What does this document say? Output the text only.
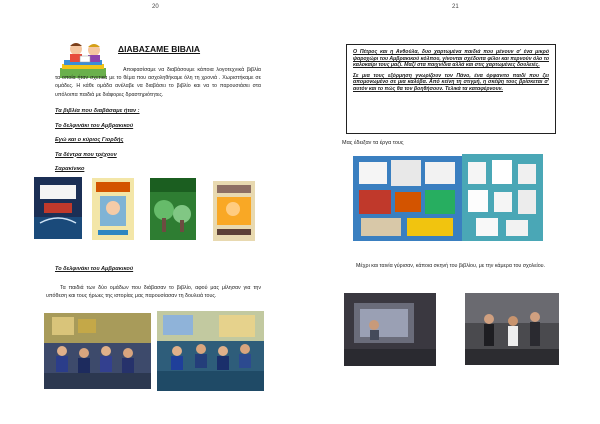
20
ΔΙΑΒΑΣΑΜΕ ΒΙΒΛΙΑ
Αποφασίσαμε να διαβάσουμε κάποια λογοτεχνικά βιβλία τα οποία ήταν σχετικά με το θέμα που ασχοληθήκαμε όλη τη χρονιά . Χωριστήκαμε σε ομάδες. Η κάθε ομάδα ανέλαβε να διαβάσει το βιβλίο και να το παρουσιάσει στα υπόλοιπα παιδιά με διάφορες δραστηριότητες.
Τα βιβλία που διαβάσαμε ήταν :
Το δελφινάκι του Αμβρακικού
Εγώ και ο κύριος Γιορδής
Τα δέντρα που τρέχουν
Σαρακίνικο
Το δελφινάκι του Αμβρακικού
Τα παιδιά των δύο ομάδων που διάβασαν το βιβλίο, αφού μας μίλησαν για την υπόθεση και τους ήρωες της ιστορίας μας παρουσίασαν τη δουλειά τους.
21

Ο Πέτρος και η Ανθούλα, δυο χαρτωμένα παιδιά που μένουν σ' ένα μικρό ψαροχώρι του Αμβρακικού κόλπου, γίνονται σχέδοιτα φίλοι και περνούν όλο το καλοκαίρι τους μαζί. Μαζί στα παιχνίδια αλλά και στις χαρτωμένες δουλειές.

Σε μια τους εξόρμηση γνωρίζουν τον Πάνο, ένα όρφανιτο παιδί που ζει απομονωμένο σε μια καλύβα. Από κείνη τη στιγμή, η σκέψη τους βρίσκεται σ' αυτόν και το πώς θα τον βοηθήσουν. Τελικά τα καταφέρνουν.

Μας έδειξαν τα έργα τους
Μέχρι και ταινία γύρισαν, κάποια σκηνή του βιβλίου, με την κάμερα του σχολείου.
